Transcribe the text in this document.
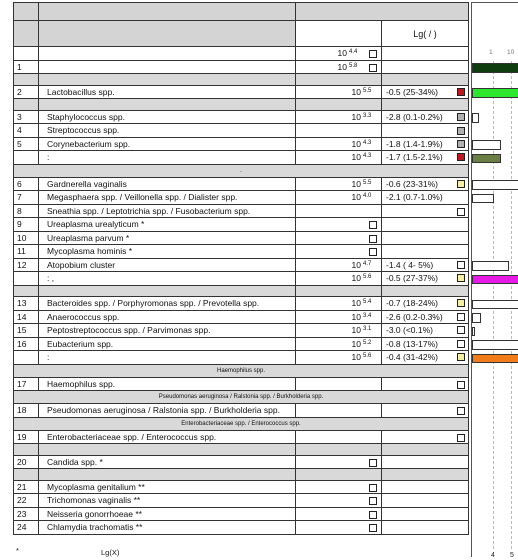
			Lg( / )
		10 $^{4.4}$	
1		10 $^{5.8}$	

2	Lactobacillus spp.	10 $^{5.5}$	-0.5 (25-34%)

3	Staphylococcus spp.	10 $^{3.3}$	-2.8 (0.1-0.2%)
4	Streptococcus spp.		

5	Corynebacterium spp.	10 $^{4.3}$	-1.8 (1.4-1.9%)
	:	10 $^{4.3}$	-1.7 (1.5-2.1%)
.			
6	Gardnerella vaginalis	10 $^{5.5}$	-0.6 (23-31%)
7	Megasphaera spp. / Veillonella spp. / Dialister spp.	10 $^{4.0}$	-2.1 (0.7-1.0%)
8	Sneathia spp. / Leptotrichia spp. / Fusobacterium spp.		

9	Ureaplasma urealyticum *		
10	Ureaplasma parvum *		
11	Mycoplasma hominis *		
12	Atopobium cluster	10 $^{4.7}$	-1.4 ( 4- 5%)
	: ,	10 $^{5.6}$	-0.5 (27-37%)

13	Bacteroides spp. / Porphyromonas spp. / Prevotella spp.	10 $^{5.4}$	-0.7 (18-24%)
14	Anaerococcus spp.	10 $^{3.4}$	-2.6 (0.2-0.3%)
15	Peptostreptococcus spp. / Parvimonas spp.	10 $^{3.1}$	-3.0 (<0.1%)
16	Eubacterium spp.	10 $^{5.2}$	-0.8 (13-17%)
	:	10 $^{5.6}$	-0.4 (31-42%)
Haemophilus spp.			
17	Haemophilus spp.		

Pseudomonas aeruginosa / Ralstonia spp. / Burkholderia spp.			
18	Pseudomonas aeruginosa / Ralstonia spp. / Burkholderia spp.		

Enterobacteriaceae spp. / Enterococcus spp.			
19	Enterobacteriaceae spp. / Enterococcus spp.		

20	Candida spp. *		

21	Mycoplasma genitalium **		
22	Trichomonas vaginalis **		
23	Neisseria gonorrhoeae **		
24	Chlamydia trachomatis **		
*	Lg(X)
1 10
4 5
